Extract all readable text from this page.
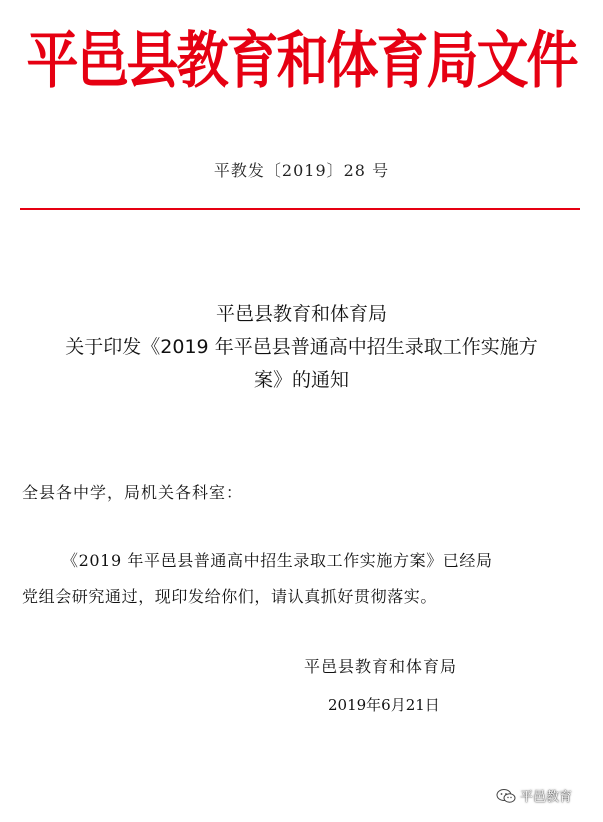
平邑县教育和体育局文件
平教发〔2019〕28 号
平邑县教育和体育局
关于印发《2019 年平邑县普通高中招生录取工作实施方
案》的通知
全县各中学，局机关各科室：
《2019 年平邑县普通高中招生录取工作实施方案》已经局
党组会研究通过，现印发给你们，请认真抓好贯彻落实。
平邑县教育和体育局
2019年6月21日
平邑教育
